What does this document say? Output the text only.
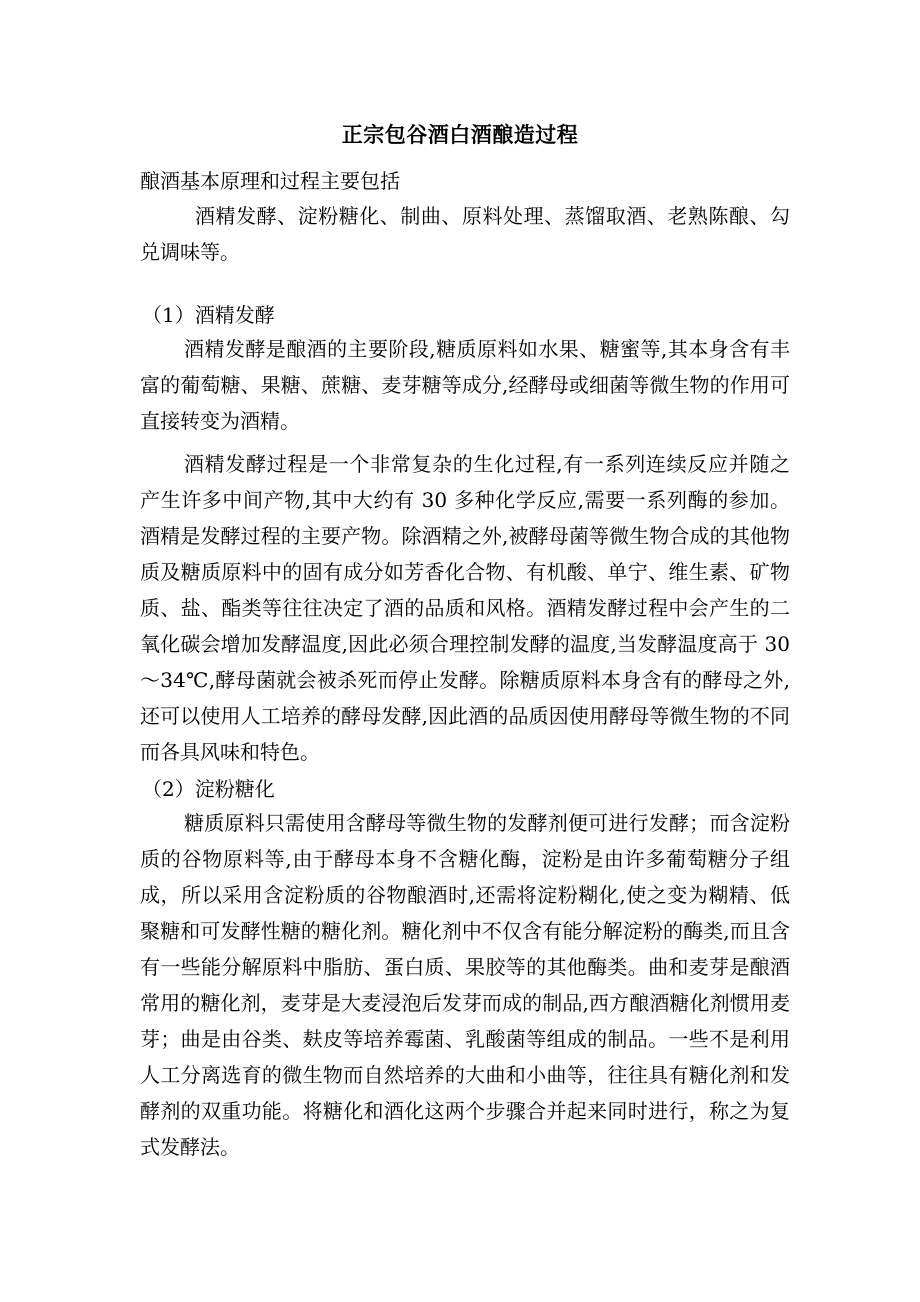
正宗包谷酒白酒酿造过程
酿酒基本原理和过程主要包括
酒精发酵、淀粉糖化、制曲、原料处理、蒸馏取酒、老熟陈酿、勾兑调味等。
（1）酒精发酵

酒精发酵是酿酒的主要阶段,糖质原料如水果、糖蜜等,其本身含有丰富的葡萄糖、果糖、蔗糖、麦芽糖等成分,经酵母或细菌等微生物的作用可直接转变为酒精。

酒精发酵过程是一个非常复杂的生化过程,有一系列连续反应并随之产生许多中间产物,其中大约有 30 多种化学反应,需要一系列酶的参加。酒精是发酵过程的主要产物。除酒精之外,被酵母菌等微生物合成的其他物质及糖质原料中的固有成分如芳香化合物、有机酸、单宁、维生素、矿物质、盐、酯类等往往决定了酒的品质和风格。酒精发酵过程中会产生的二氧化碳会增加发酵温度,因此必须合理控制发酵的温度,当发酵温度高于 30～34℃,酵母菌就会被杀死而停止发酵。除糖质原料本身含有的酵母之外,还可以使用人工培养的酵母发酵,因此酒的品质因使用酵母等微生物的不同而各具风味和特色。

（2）淀粉糖化

糖质原料只需使用含酵母等微生物的发酵剂便可进行发酵；而含淀粉质的谷物原料等,由于酵母本身不含糖化酶，淀粉是由许多葡萄糖分子组成，所以采用含淀粉质的谷物酿酒时,还需将淀粉糊化,使之变为糊精、低聚糖和可发酵性糖的糖化剂。糖化剂中不仅含有能分解淀粉的酶类,而且含有一些能分解原料中脂肪、蛋白质、果胶等的其他酶类。曲和麦芽是酿酒常用的糖化剂，麦芽是大麦浸泡后发芽而成的制品,西方酿酒糖化剂惯用麦芽；曲是由谷类、麸皮等培养霉菌、乳酸菌等组成的制品。一些不是利用人工分离选育的微生物而自然培养的大曲和小曲等，往往具有糖化剂和发酵剂的双重功能。将糖化和酒化这两个步骤合并起来同时进行，称之为复式发酵法。
